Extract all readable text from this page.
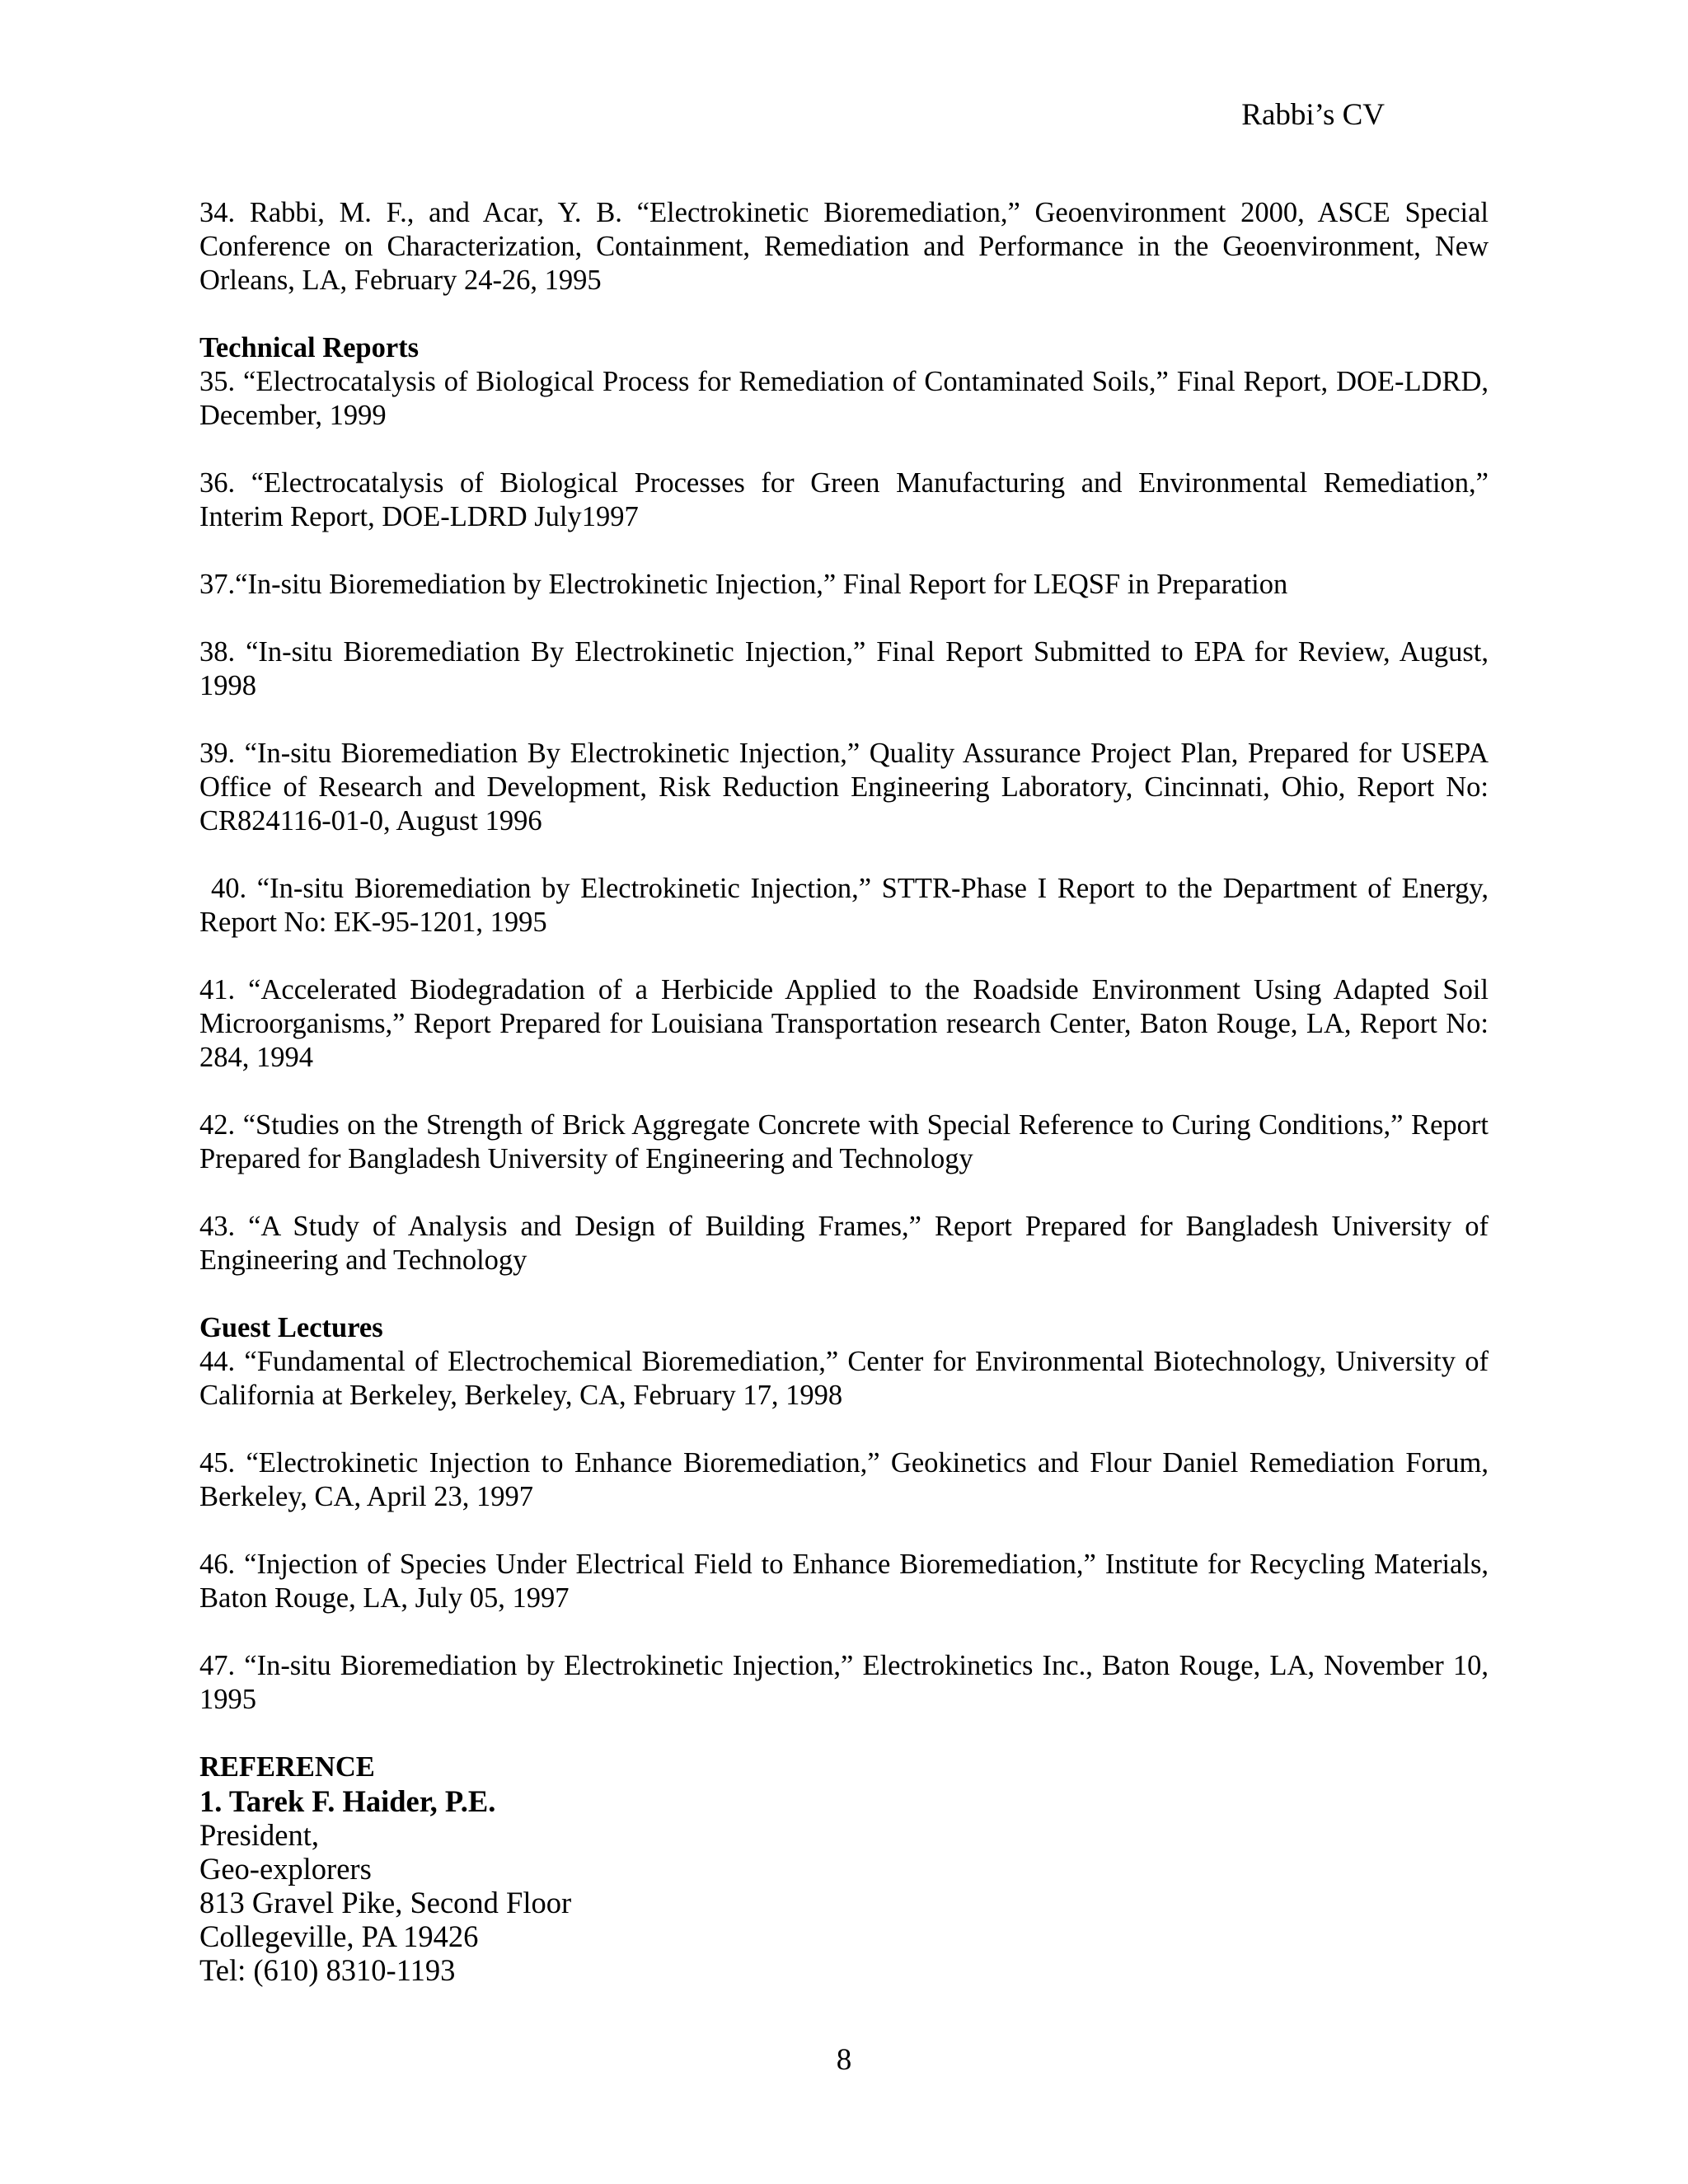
Rabbi’s CV

34. Rabbi, M. F., and Acar, Y. B. “Electrokinetic Bioremediation,” Geoenvironment 2000, ASCE Special Conference on Characterization, Containment, Remediation and Performance in the Geoenvironment, New Orleans, LA, February 24-26, 1995

Technical Reports

35. “Electrocatalysis of Biological Process for Remediation of Contaminated Soils,” Final Report, DOE-LDRD, December, 1999

36. “Electrocatalysis of Biological Processes for Green Manufacturing and Environmental Remediation,” Interim Report, DOE-LDRD July1997

37.“In-situ Bioremediation by Electrokinetic Injection,” Final Report for LEQSF in Preparation

38. “In-situ Bioremediation By Electrokinetic Injection,” Final Report Submitted to EPA for Review, August, 1998

39. “In-situ Bioremediation By Electrokinetic Injection,” Quality Assurance Project Plan, Prepared for USEPA Office of Research and Development, Risk Reduction Engineering Laboratory, Cincinnati, Ohio, Report No: CR824116-01-0, August 1996

40. “In-situ Bioremediation by Electrokinetic Injection,” STTR-Phase I Report to the Department of Energy, Report No: EK-95-1201, 1995

41. “Accelerated Biodegradation of a Herbicide Applied to the Roadside Environment Using Adapted Soil Microorganisms,” Report Prepared for Louisiana Transportation research Center, Baton Rouge, LA, Report No: 284, 1994

42. “Studies on the Strength of Brick Aggregate Concrete with Special Reference to Curing Conditions,” Report Prepared for Bangladesh University of Engineering and Technology

43. “A Study of Analysis and Design of Building Frames,” Report Prepared for Bangladesh University of Engineering and Technology

Guest Lectures

44. “Fundamental of Electrochemical Bioremediation,” Center for Environmental Biotechnology, University of California at Berkeley, Berkeley, CA, February 17, 1998

45. “Electrokinetic Injection to Enhance Bioremediation,” Geokinetics and Flour Daniel Remediation Forum, Berkeley, CA, April 23, 1997

46. “Injection of Species Under Electrical Field to Enhance Bioremediation,” Institute for Recycling Materials, Baton Rouge, LA, July 05, 1997

47. “In-situ Bioremediation by Electrokinetic Injection,” Electrokinetics Inc., Baton Rouge, LA, November 10, 1995

REFERENCE

1. Tarek F. Haider, P.E.

President,

Geo-explorers

813 Gravel Pike, Second Floor

Collegeville, PA 19426

Tel: (610) 8310-1193

8
